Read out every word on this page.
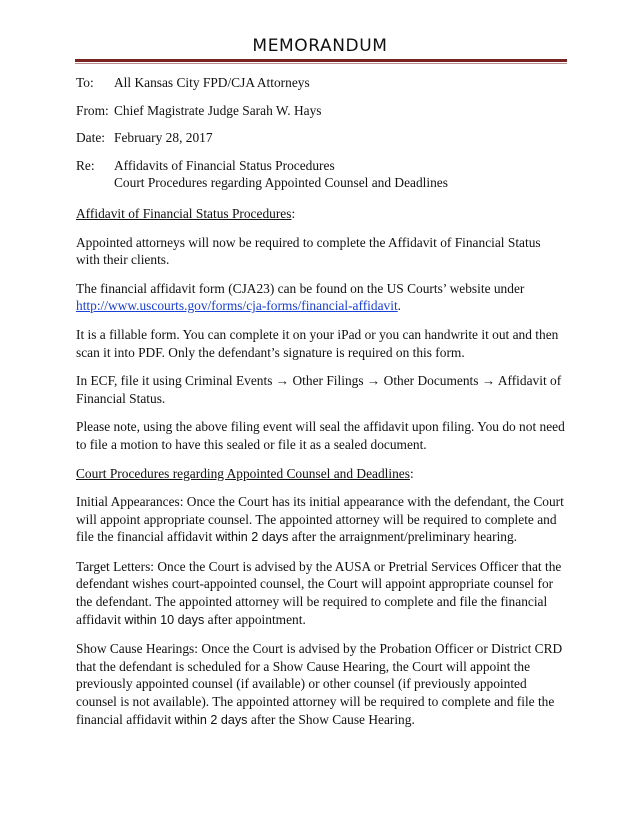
MEMORANDUM
To:	All Kansas City FPD/CJA Attorneys
From: Chief Magistrate Judge Sarah W. Hays
Date: February 28, 2017
Re:	Affidavits of Financial Status Procedures
Court Procedures regarding Appointed Counsel and Deadlines

Affidavit of Financial Status Procedures:

Appointed attorneys will now be required to complete the Affidavit of Financial Status with their clients.

The financial affidavit form (CJA23) can be found on the US Courts’ website under http://www.uscourts.gov/forms/cja-forms/financial-affidavit.

It is a fillable form. You can complete it on your iPad or you can handwrite it out and then scan it into PDF. Only the defendant’s signature is required on this form.

In ECF, file it using Criminal Events → Other Filings → Other Documents → Affidavit of Financial Status.

Please note, using the above filing event will seal the affidavit upon filing. You do not need to file a motion to have this sealed or file it as a sealed document.

Court Procedures regarding Appointed Counsel and Deadlines:

Initial Appearances: Once the Court has its initial appearance with the defendant, the Court will appoint appropriate counsel. The appointed attorney will be required to complete and file the financial affidavit within 2 days after the arraignment/preliminary hearing.

Target Letters: Once the Court is advised by the AUSA or Pretrial Services Officer that the defendant wishes court-appointed counsel, the Court will appoint appropriate counsel for the defendant. The appointed attorney will be required to complete and file the financial affidavit within 10 days after appointment.

Show Cause Hearings: Once the Court is advised by the Probation Officer or District CRD that the defendant is scheduled for a Show Cause Hearing, the Court will appoint the previously appointed counsel (if available) or other counsel (if previously appointed counsel is not available). The appointed attorney will be required to complete and file the financial affidavit within 2 days after the Show Cause Hearing.
